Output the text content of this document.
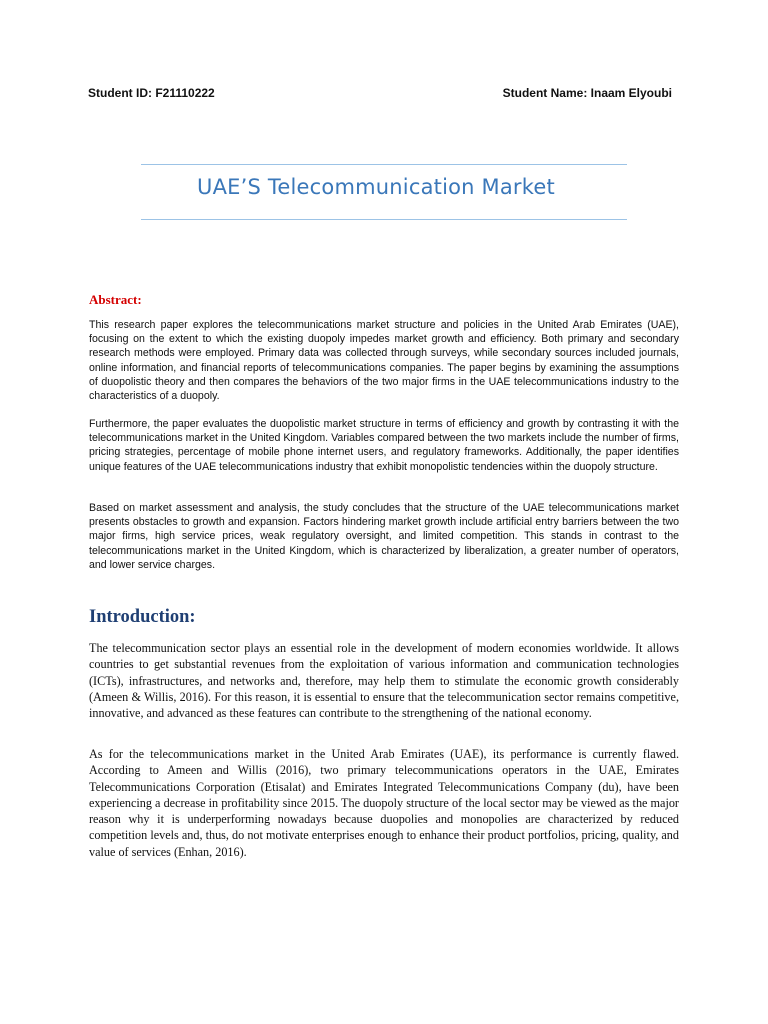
Student ID: F21110222	Student Name: Inaam Elyoubi
UAE’S Telecommunication Market
Abstract:

This research paper explores the telecommunications market structure and policies in the United Arab Emirates (UAE), focusing on the extent to which the existing duopoly impedes market growth and efficiency. Both primary and secondary research methods were employed. Primary data was collected through surveys, while secondary sources included journals, online information, and financial reports of telecommunications companies. The paper begins by examining the assumptions of duopolistic theory and then compares the behaviors of the two major firms in the UAE telecommunications industry to the characteristics of a duopoly.

Furthermore, the paper evaluates the duopolistic market structure in terms of efficiency and growth by contrasting it with the telecommunications market in the United Kingdom. Variables compared between the two markets include the number of firms, pricing strategies, percentage of mobile phone internet users, and regulatory frameworks. Additionally, the paper identifies unique features of the UAE telecommunications industry that exhibit monopolistic tendencies within the duopoly structure.

Based on market assessment and analysis, the study concludes that the structure of the UAE telecommunications market presents obstacles to growth and expansion. Factors hindering market growth include artificial entry barriers between the two major firms, high service prices, weak regulatory oversight, and limited competition. This stands in contrast to the telecommunications market in the United Kingdom, which is characterized by liberalization, a greater number of operators, and lower service charges.

Introduction:

The telecommunication sector plays an essential role in the development of modern economies worldwide. It allows countries to get substantial revenues from the exploitation of various information and communication technologies (ICTs), infrastructures, and networks and, therefore, may help them to stimulate the economic growth considerably (Ameen & Willis, 2016). For this reason, it is essential to ensure that the telecommunication sector remains competitive, innovative, and advanced as these features can contribute to the strengthening of the national economy.

As for the telecommunications market in the United Arab Emirates (UAE), its performance is currently flawed. According to Ameen and Willis (2016), two primary telecommunications operators in the UAE, Emirates Telecommunications Corporation (Etisalat) and Emirates Integrated Telecommunications Company (du), have been experiencing a decrease in profitability since 2015. The duopoly structure of the local sector may be viewed as the major reason why it is underperforming nowadays because duopolies and monopolies are characterized by reduced competition levels and, thus, do not motivate enterprises enough to enhance their product portfolios, pricing, quality, and value of services (Enhan, 2016).
